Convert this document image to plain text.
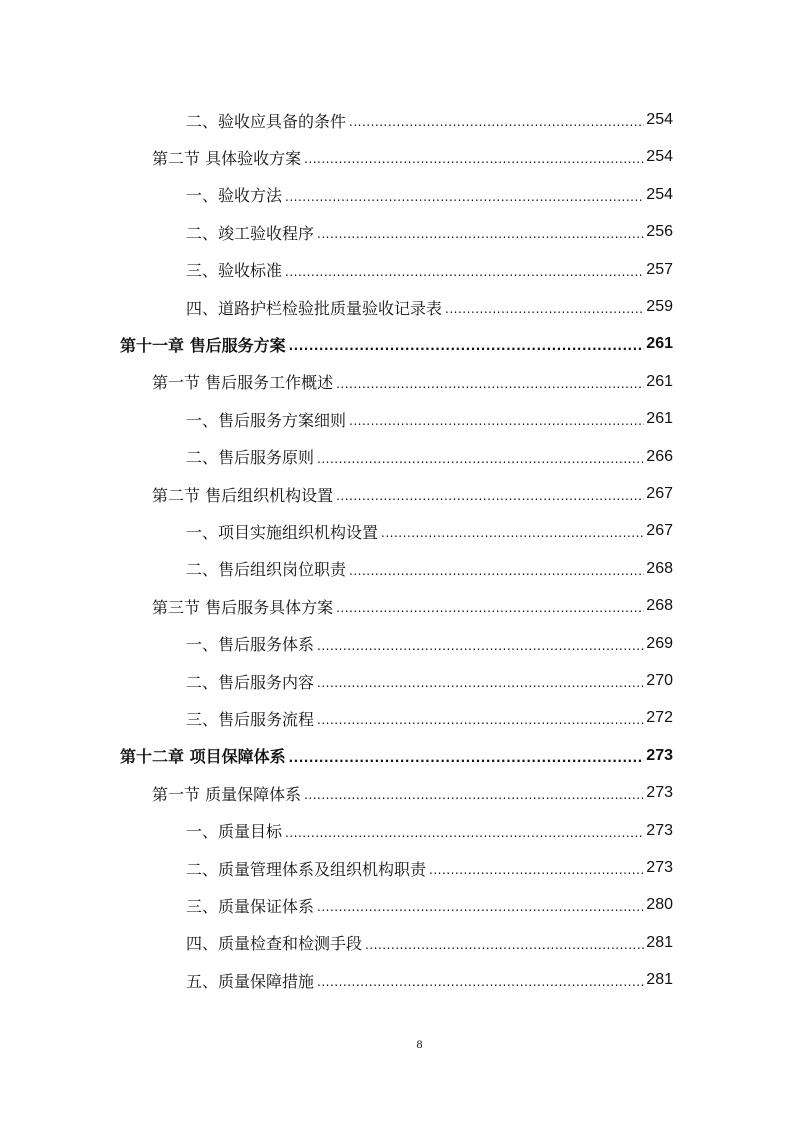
二、验收应具备的条件 .....	254
第二节 具体验收方案 .....	254
一、验收方法 .....	254
二、竣工验收程序 .....	256
三、验收标准 .....	257
四、道路护栏检验批质量验收记录表 .....	259
第十一章 售后服务方案 .....	261
第一节 售后服务工作概述 .....	261
一、售后服务方案细则 .....	261
二、售后服务原则 .....	266
第二节 售后组织机构设置 .....	267
一、项目实施组织机构设置 .....	267
二、售后组织岗位职责 .....	268
第三节 售后服务具体方案 .....	268
一、售后服务体系 .....	269
二、售后服务内容 .....	270
三、售后服务流程 .....	272
第十二章 项目保障体系 .....	273
第一节 质量保障体系 .....	273
一、质量目标 .....	273
二、质量管理体系及组织机构职责 .....	273
三、质量保证体系 .....	280
四、质量检查和检测手段 .....	281
五、质量保障措施 .....	281
8
